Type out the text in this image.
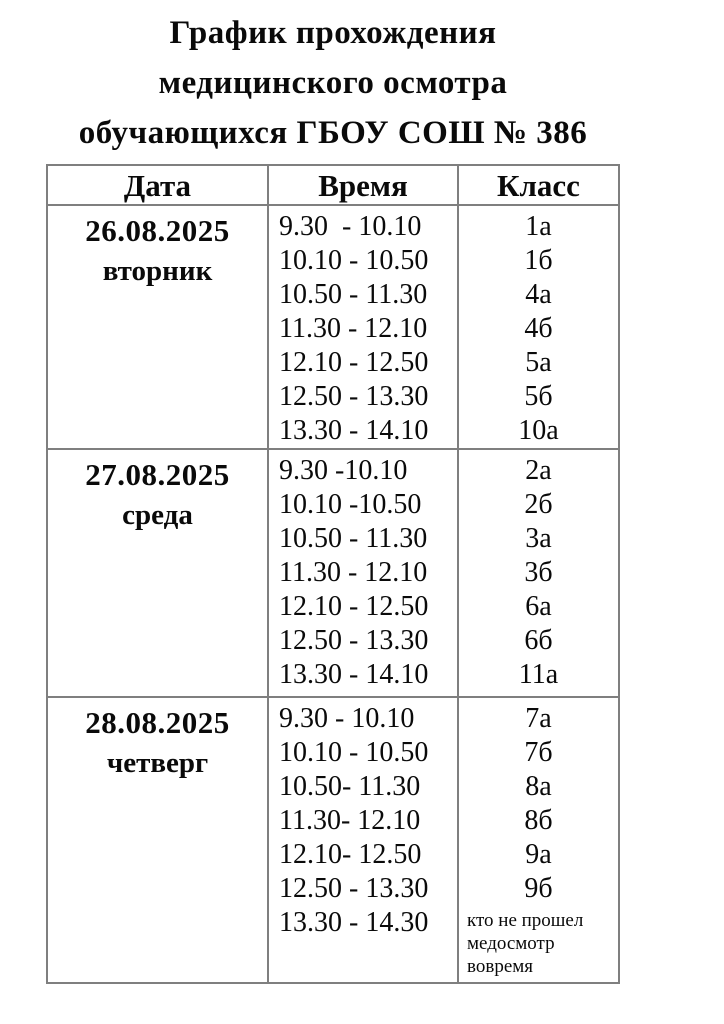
График прохождения
медицинского осмотра
обучающихся ГБОУ СОШ № 386
Дата	Время	Класс
26.08.2025
вторник
9.30  - 10.10
10.10 - 10.50
10.50 - 11.30
11.30 - 12.10
12.10 - 12.50
12.50 - 13.30
13.30 - 14.10
1а
1б
4а
4б
5а
5б
10а
27.08.2025
среда
9.30 -10.10
10.10 -10.50
10.50 - 11.30
11.30 - 12.10
12.10 - 12.50
12.50 - 13.30
13.30 - 14.10
2а
2б
3а
3б
6а
6б
11а
28.08.2025
четверг
9.30 - 10.10
10.10 - 10.50
10.50- 11.30
11.30- 12.10
12.10- 12.50
12.50 - 13.30
13.30 - 14.30
7а
7б
8а
8б
9а
9б
кто не прошел медосмотр вовремя
